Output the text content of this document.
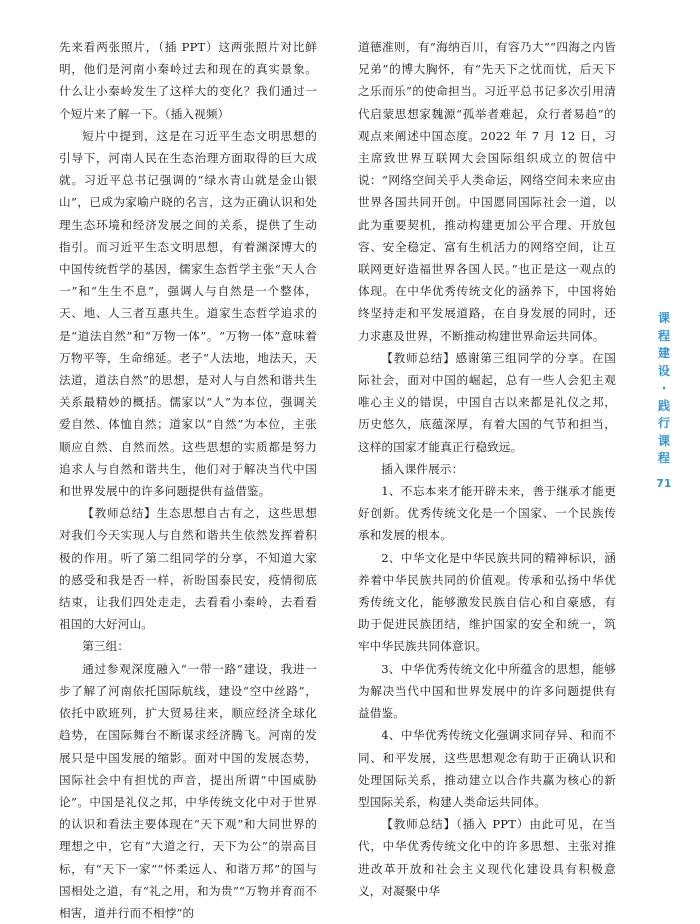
先来看两张照片，（插 PPT）这两张照片对比鲜明，他们是河南小秦岭过去和现在的真实景象。什么让小秦岭发生了这样大的变化？我们通过一个短片来了解一下。（插入视频）

短片中提到，这是在习近平生态文明思想的引导下，河南人民在生态治理方面取得的巨大成就。习近平总书记强调的“绿水青山就是金山银山”，已成为家喻户晓的名言，这为正确认识和处理生态环境和经济发展之间的关系，提供了生动指引。而习近平生态文明思想，有着渊深博大的中国传统哲学的基因，儒家生态哲学主张“天人合一”和“生生不息”，强调人与自然是一个整体，天、地、人三者互惠共生。道家生态哲学追求的是“道法自然”和“万物一体”。“万物一体”意味着万物平等，生命绵延。老子“人法地，地法天，天法道，道法自然”的思想，是对人与自然和谐共生关系最精妙的概括。儒家以“人”为本位，强调关爱自然、体恤自然；道家以“自然”为本位，主张顺应自然、自然而然。这些思想的实质都是努力追求人与自然和谐共生，他们对于解决当代中国和世界发展中的许多问题提供有益借鉴。

【教师总结】生态思想自古有之，这些思想对我们今天实现人与自然和谐共生依然发挥着积极的作用。听了第二组同学的分享，不知道大家的感受和我是否一样，祈盼国泰民安，疫情彻底结束，让我们四处走走，去看看小秦岭，去看看祖国的大好河山。

第三组：

通过参观深度融入“一带一路”建设，我进一步了解了河南依托国际航线，建设“空中丝路”，依托中欧班列，扩大贸易往来，顺应经济全球化趋势，在国际舞台不断谋求经济腾飞。河南的发展只是中国发展的缩影。面对中国的发展态势，国际社会中有担忧的声音，提出所谓“中国威胁论”。中国是礼仪之邦，中华传统文化中对于世界的认识和看法主要体现在“天下观”和大同世界的理想之中，它有“大道之行，天下为公”的崇高目标，有“天下一家”“怀柔远人、和谐万邦”的国与国相处之道，有“礼之用，和为贵”“万物并育而不相害，道并行而不相悖”的

道德准则，有“海纳百川，有容乃大”“四海之内皆兄弟”的博大胸怀，有“先天下之忧而忧，后天下之乐而乐”的使命担当。习近平总书记多次引用清代启蒙思想家魏源“孤举者难起，众行者易趋”的观点来阐述中国态度。2022 年 7 月 12 日，习主席致世界互联网大会国际组织成立的贺信中说：“网络空间关乎人类命运，网络空间未来应由世界各国共同开创。中国愿同国际社会一道，以此为重要契机，推动构建更加公平合理、开放包容、安全稳定、富有生机活力的网络空间，让互联网更好造福世界各国人民。”也正是这一观点的体现。在中华优秀传统文化的涵养下，中国将始终坚持走和平发展道路，在自身发展的同时，还力求惠及世界，不断推动构建世界命运共同体。

【教师总结】感谢第三组同学的分享。在国际社会，面对中国的崛起，总有一些人会犯主观唯心主义的错误，中国自古以来都是礼仪之邦，历史悠久，底蕴深厚，有着大国的气节和担当，这样的国家才能真正行稳致远。

插入课件展示：

1、不忘本来才能开辟未来，善于继承才能更好创新。优秀传统文化是一个国家、一个民族传承和发展的根本。

2、中华文化是中华民族共同的精神标识，涵养着中华民族共同的价值观。传承和弘扬中华优秀传统文化，能够激发民族自信心和自豪感，有助于促进民族团结，维护国家的安全和统一，筑牢中华民族共同体意识。

3、中华优秀传统文化中所蕴含的思想，能够为解决当代中国和世界发展中的许多问题提供有益借鉴。

4、中华优秀传统文化强调求同存异、和而不同、和平发展，这些思想观念有助于正确认识和处理国际关系，推动建立以合作共赢为核心的新型国际关系，构建人类命运共同体。

【教师总结】（插入 PPT）由此可见，在当代，中华优秀传统文化中的许多思想、主张对推进改革开放和社会主义现代化建设具有积极意义，对凝聚中华

课
程
建
设
·
践
行
课
程
71
